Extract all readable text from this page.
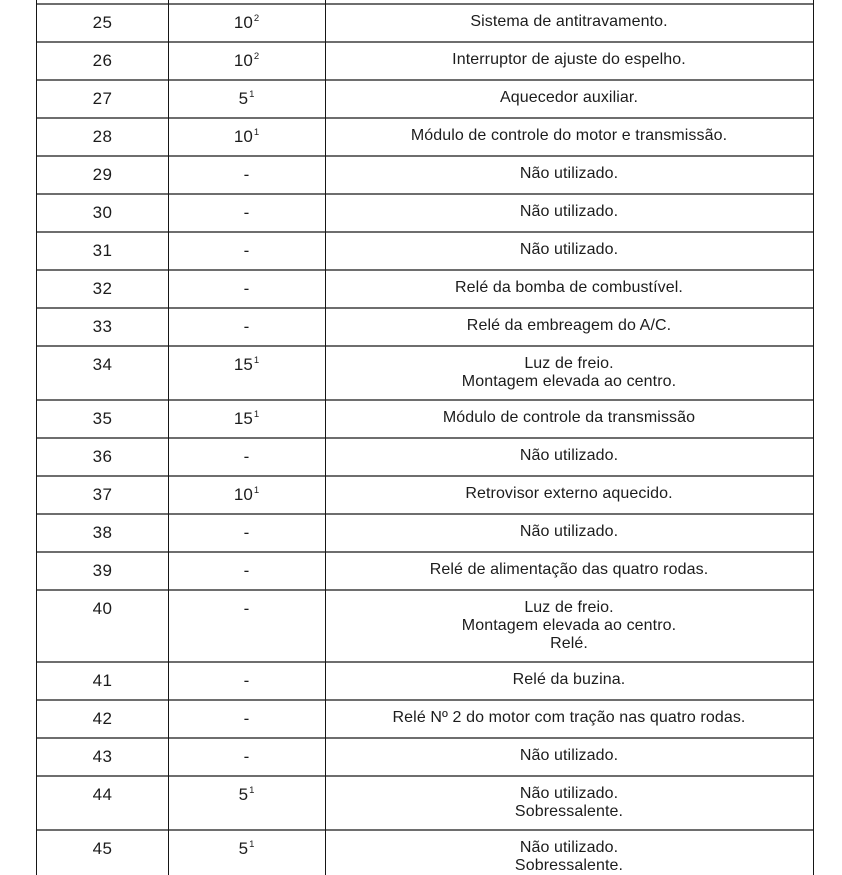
25	$10^2$	Sistema de antitravamento.
26	$10^2$	Interruptor de ajuste do espelho.
27	$5^1$	Aquecedor auxiliar.
28	$10^1$	Módulo de controle do motor e transmissão.
29	-	Não utilizado.
30	-	Não utilizado.
31	-	Não utilizado.
32	-	Relé da bomba de combustível.
33	-	Relé da embreagem do A/C.
34	$15^1$	Luz de freio.
Montagem elevada ao centro.
35	$15^1$	Módulo de controle da transmissão
36	-	Não utilizado.
37	$10^1$	Retrovisor externo aquecido.
38	-	Não utilizado.
39	-	Relé de alimentação das quatro rodas.
40	-	Luz de freio.
Montagem elevada ao centro.
Relé.
41	-	Relé da buzina.
42	-	Relé Nº 2 do motor com tração nas quatro rodas.
43	-	Não utilizado.
44	$5^1$	Não utilizado.
Sobressalente.
45	$5^1$	Não utilizado.
Sobressalente.
